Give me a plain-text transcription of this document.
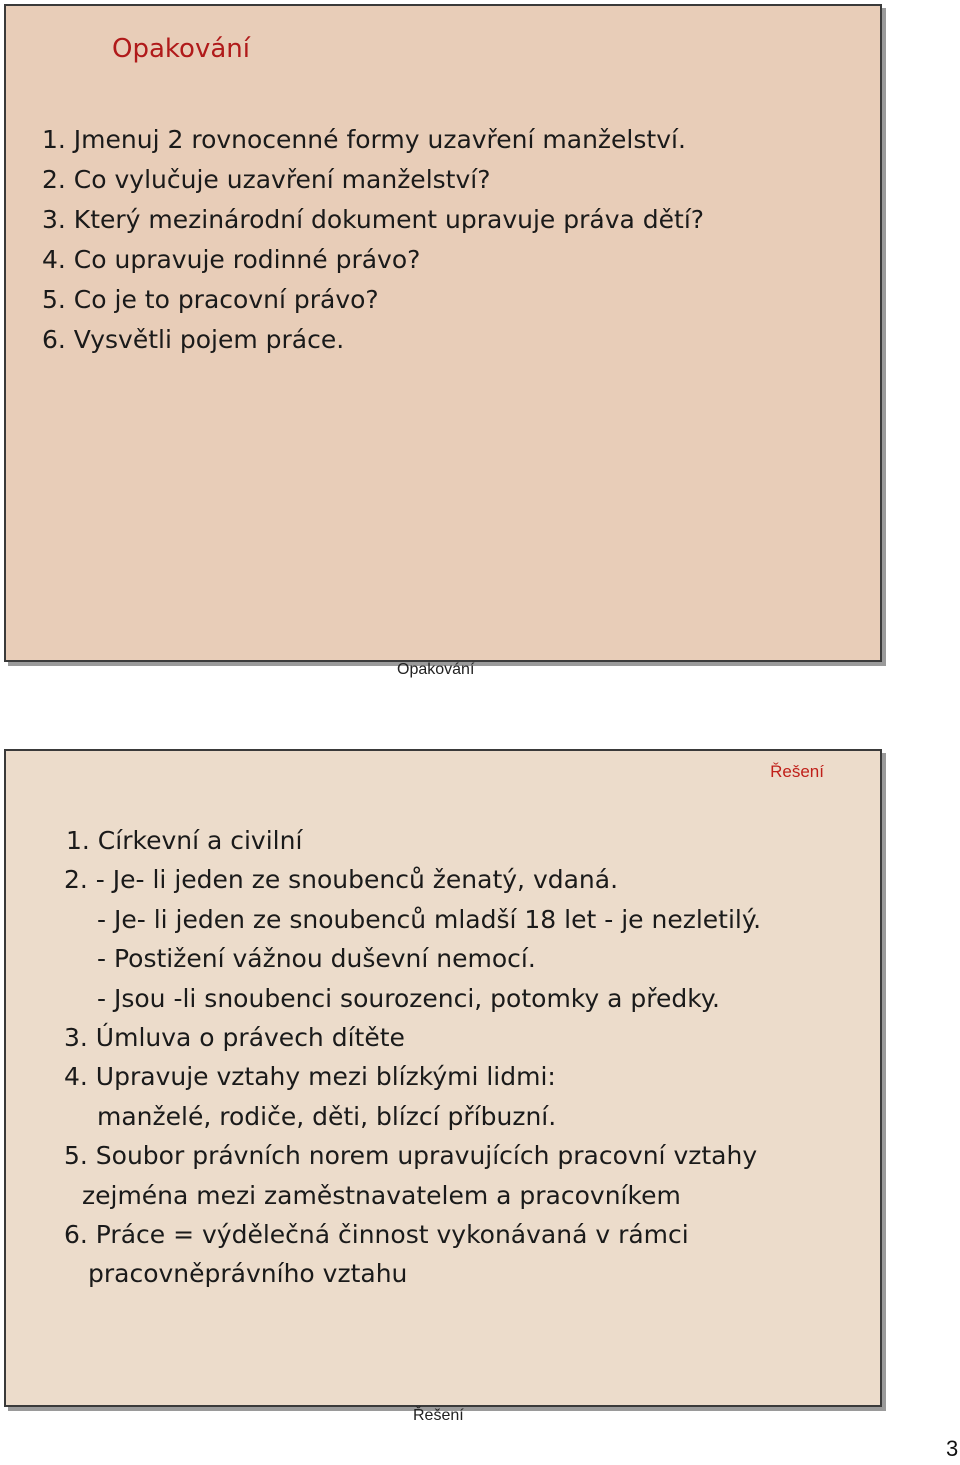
Opakování
1. Jmenuj 2 rovnocenné formy uzavření manželství.
2. Co vylučuje uzavření manželství?
3. Který mezinárodní dokument upravuje práva dětí?
4. Co upravuje rodinné právo?
5. Co je to pracovní právo?
6. Vysvětli pojem práce.
Opakování
Řešení
1. Církevní a civilní
2. - Je- li jeden ze snoubenců ženatý, vdaná.
- Je- li jeden ze snoubenců mladší 18 let - je nezletilý.
- Postižení vážnou duševní nemocí.
- Jsou -li snoubenci sourozenci, potomky a předky.
3. Úmluva o právech dítěte
4. Upravuje vztahy mezi blízkými lidmi:
manželé, rodiče, děti, blízcí příbuzní.
5. Soubor právních norem upravujících pracovní vztahy
zejména mezi zaměstnavatelem a pracovníkem
6. Práce = výdělečná činnost vykonávaná v rámci
pracovněprávního vztahu
Řešení
3
